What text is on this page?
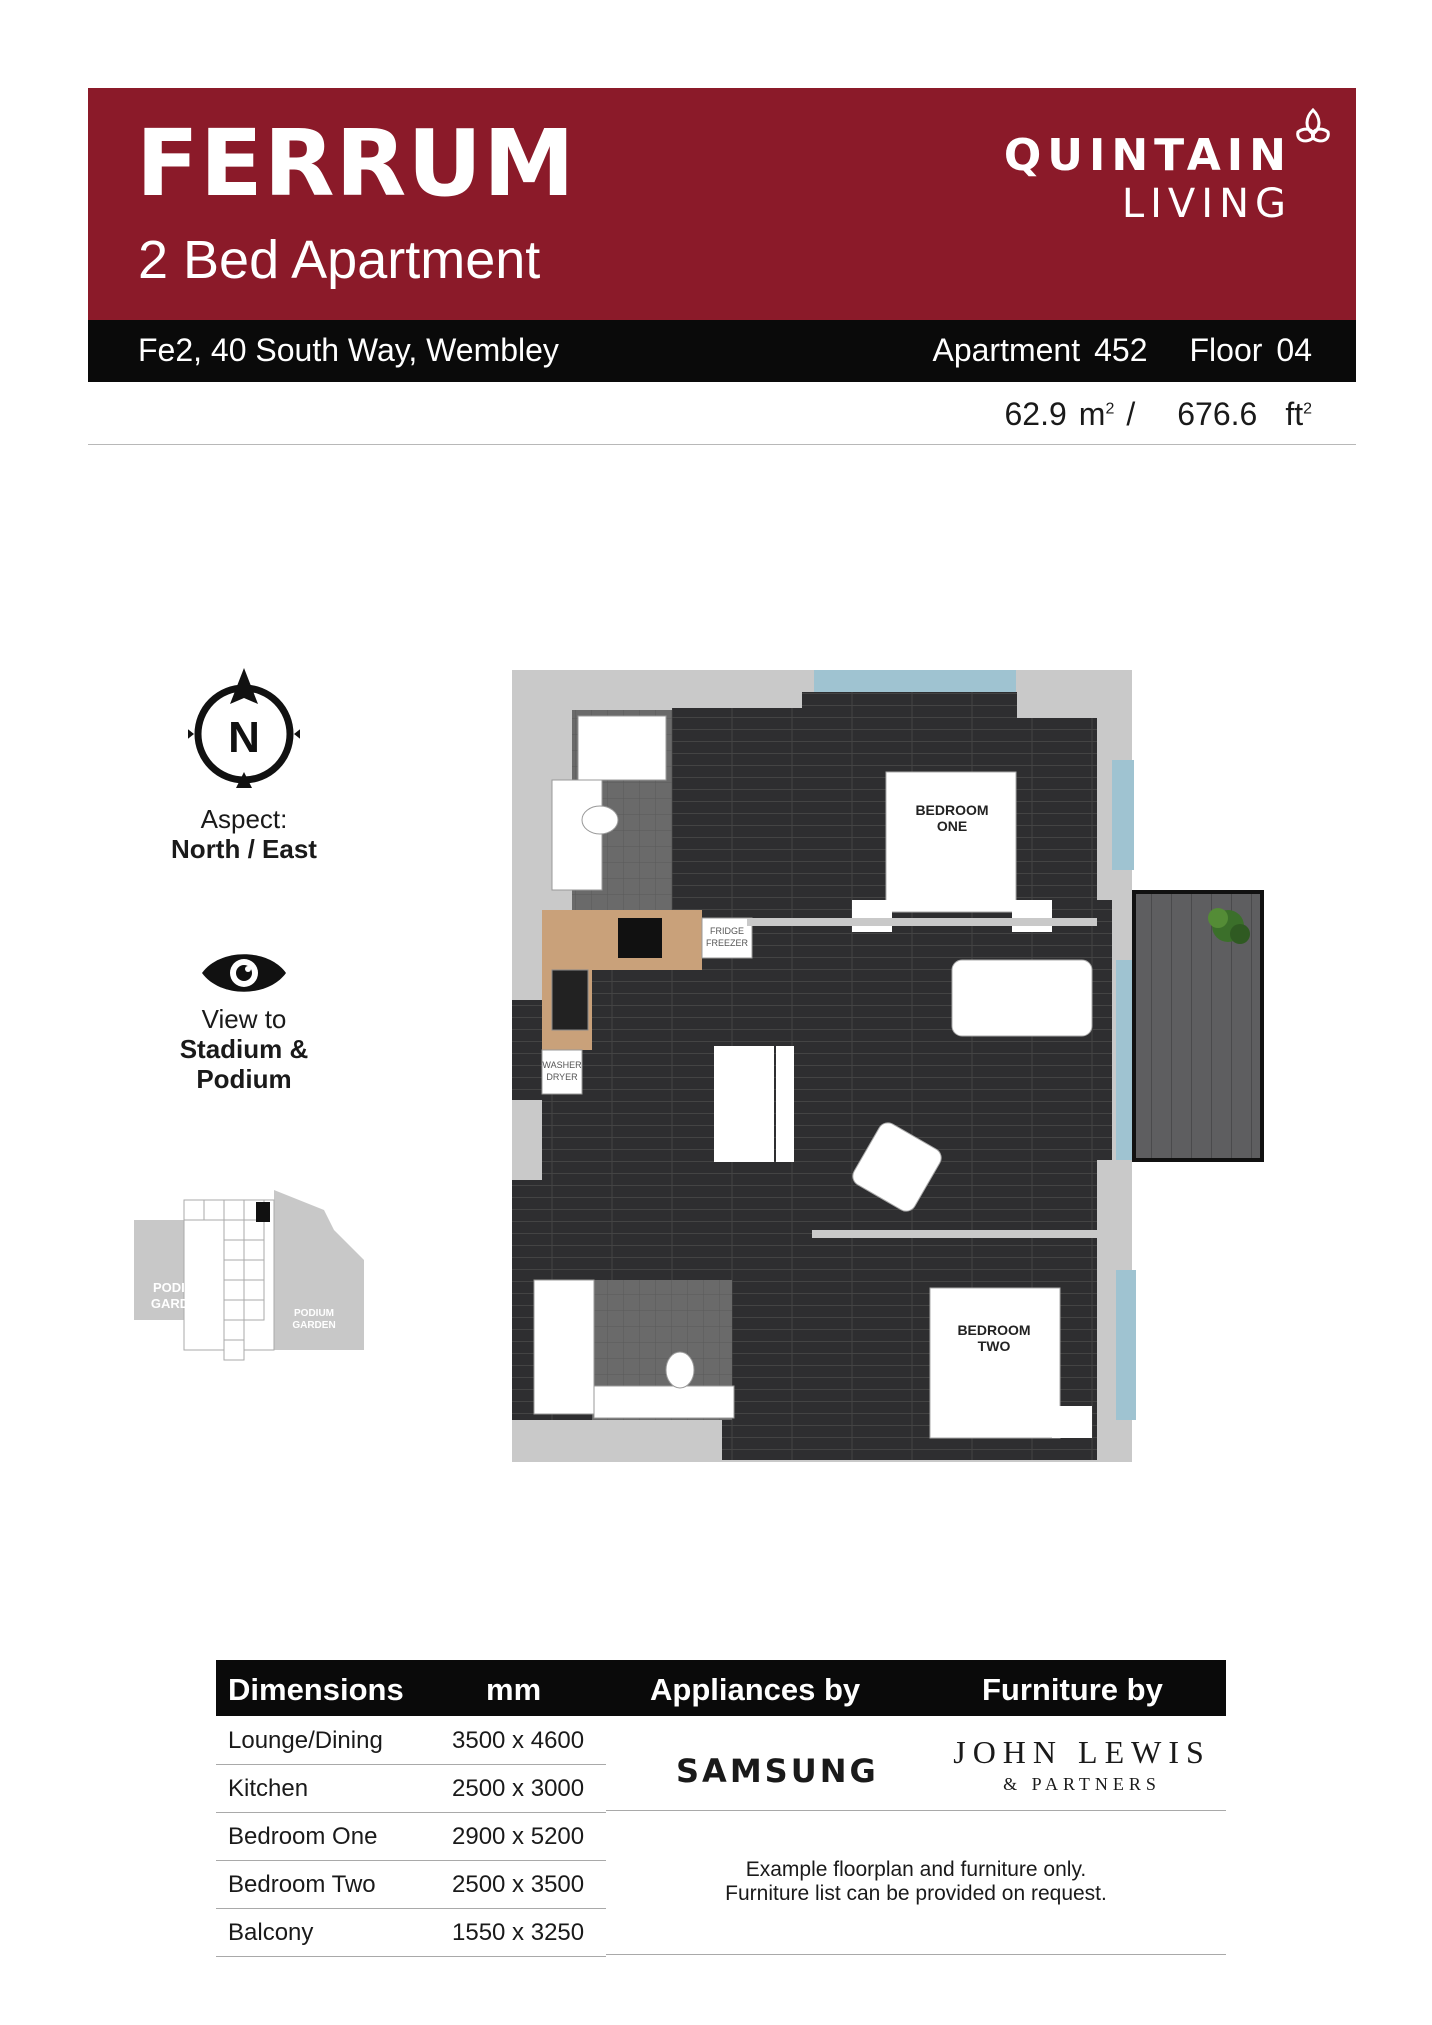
FERRUM
2 Bed Apartment
QUINTAIN
LIVING
Fe2, 40 South Way, Wembley	Apartment 452 Floor 04
62.9 $m^2 / 676.6$ $ft^2$
N
Aspect:
North / East
View to
Stadium &
Podium
PODIUM
GARDEN
PODIUM
GARDEN
FRIDGE
FREEZER
WASHER
DRYER
BEDROOM
ONE
BEDROOM
TWO
Dimensions	mm	Appliances by	Furniture by
Lounge/Dining	3500 x 4600
Kitchen	2500 x 3000
Bedroom One	2900 x 5200
Bedroom Two	2500 x 3500
Balcony	1550 x 3250
SAMSUNG JOHN LEWIS
& PARTNERS
Example floorplan and furniture only.
Furniture list can be provided on request.
